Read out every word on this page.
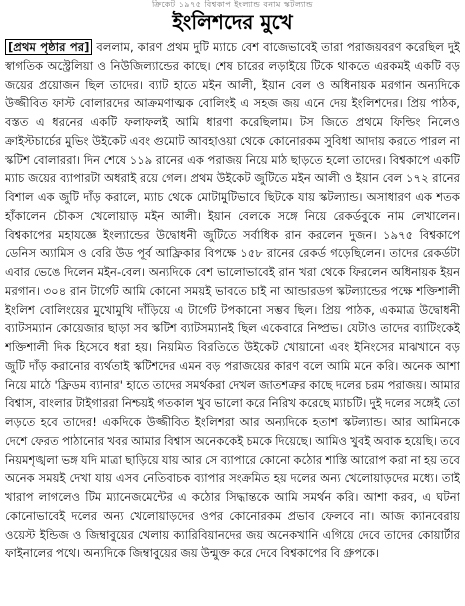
ক্রিকেট ১৯৭৫ বিশ্বকাপ ইংল্যান্ড বনাম স্কটল্যান্ড
ইংলিশদের মুখে
[প্রথম পৃষ্ঠার পর] বললাম, কারণ প্রথম দুটি ম্যাচে বেশ বাজেভাবেই তারা পরাজয়বরণ করেছিল দুই স্বাগতিক অস্ট্রেলিয়া ও নিউজিল্যান্ডের কাছে। শেষ চারের লড়াইয়ে টিকে থাকতে এরকমই একটি বড় জয়ের প্রয়োজন ছিল তাদের। ব্যাট হাতে মইন আলী, ইয়ান বেল ও অধিনায়ক মরগান অন্যদিকে উজ্জীবিত ফাস্ট বোলারদের আক্রমণাত্মক বোলিংই এ সহজ জয় এনে দেয় ইংলিশদের। প্রিয় পাঠক, বস্তত এ ধরনের একটি ফলাফলই আমি ধারণা করেছিলাম। টস জিতে প্রথমে ফিল্ডিং নিলেও ক্রাইস্টচার্চের মুভিং উইকেট এবং গুমোট আবহাওয়া থেকে কোনোরকম সুবিধা আদায় করতে পারল না স্কটিশ বোলাররা। দিন শেষে ১১৯ রানের এক পরাজয় নিয়ে মাঠ ছাড়তে হলো তাদের। বিশ্বকাপে একটি ম্যাচ জয়ের ব্যাপারটা অধরাই রয়ে গেল। প্রথম উইকেট জুটিতে মইন আলী ও ইয়ান বেল ১৭২ রানের বিশাল এক জুটি দাঁড় করালে, ম্যাচ থেকে মোটামুটিভাবে ছিটকে যায় স্কটল্যান্ড। অসাধারণ এক শতক হাঁকালেন চৌকস খেলোয়াড় মইন আলী। ইয়ান বেলকে সঙ্গে নিয়ে রেকর্ডবুকে নাম লেখালেন। বিশ্বকাপের মহাযজ্ঞে ইংল্যান্ডের উদ্বোধনী জুটিতে সর্বাধিক রান করলেন দুজন। ১৯৭৫ বিশ্বকাপে ডেনিস অ্যামিস ও বেরি উড পূর্ব আফ্রিকার বিপক্ষে ১৫৮ রানের রেকর্ড গড়েছিলেন। তাদের রেকর্ডটা এবার ভেঙে দিলেন মইন-বেল। অন্যদিকে বেশ ভালোভাবেই রান খরা থেকে ফিরলেন অধিনায়ক ইয়ন মরগান। ৩০৪ রান টার্গেট আমি কোনো সময়ই ভাবতে চাই না আন্ডারডগ স্কটল্যান্ডের পক্ষে শক্তিশালী ইংলিশ বোলিংয়ের মুখোমুখি দাঁড়িয়ে এ টার্গেট টপকানো সম্ভব ছিল। প্রিয় পাঠক, একমাত্র উদ্বোধনী ব্যাটসম্যান কোয়েজার ছাড়া সব স্কটিশ ব্যাটসম্যানই ছিল একেবারে নিষ্প্রভ। যেটাও তাদের ব্যাটিংকেই শক্তিশালী দিক হিসেবে ধরা হয়। নিয়মিত বিরতিতে উইকেট খোয়ানো এবং ইনিংসের মাঝখানে বড় জুটি দাঁড় করানোর ব্যর্থতাই স্কটিশদের এমন বড় পরাজয়ের কারণ বলে আমি মনে করি। অনেক আশা নিয়ে মাঠে 'ফ্রিডম ব্যানার' হাতে তাদের সমর্থকরা দেখল জাতশত্রুর কাছে দলের চরম পরাজয়। আমার বিশ্বাস, বাংলার টাইগাররা নিশ্চয়ই গতকাল খুব ভালো করে নিরিখ করেছে ম্যাচটি। দুই দলের সঙ্গেই তো লড়তে হবে তাদের! একদিকে উজ্জীবিত ইংলিশরা আর অন্যদিকে হতাশ স্কটল্যান্ড। আর আমিনকে দেশে ফেরত পাঠানোর খবর আমার বিশ্বাস অনেককেই চমকে দিয়েছে। আমিও খুবই অবাক হয়েছি। তবে নিয়মশৃঙ্খলা ভঙ্গ যদি মাত্রা ছাড়িয়ে যায় আর সে ব্যাপারে কোনো কঠোর শাস্তি আরোপ করা না হয় তবে অনেক সময়ই দেখা যায় এসব নেতিবাচক ব্যাপার সংক্রমিত হয় দলের অন্য খেলোয়াড়দের মধ্যে। তাই খারাপ লাগলেও টিম ম্যানেজমেন্টের এ কঠোর সিদ্ধান্তকে আমি সমর্থন করি। আশা করব, এ ঘটনা কোনোভাবেই দলের অন্য খেলোয়াড়দের ওপর কোনোরকম প্রভাব ফেলবে না। আজ ক্যানবেরায় ওয়েস্ট ইন্ডিজ ও জিম্বাবুয়ের খেলায় ক্যারিবিয়ানদের জয় অনেকখানি এগিয়ে দেবে তাদের কোয়ার্টার ফাইনালের পথে। অন্যদিকে জিম্বাবুয়ের জয় উন্মুক্ত করে দেবে বিশ্বকাপের বি গ্রুপকে।
